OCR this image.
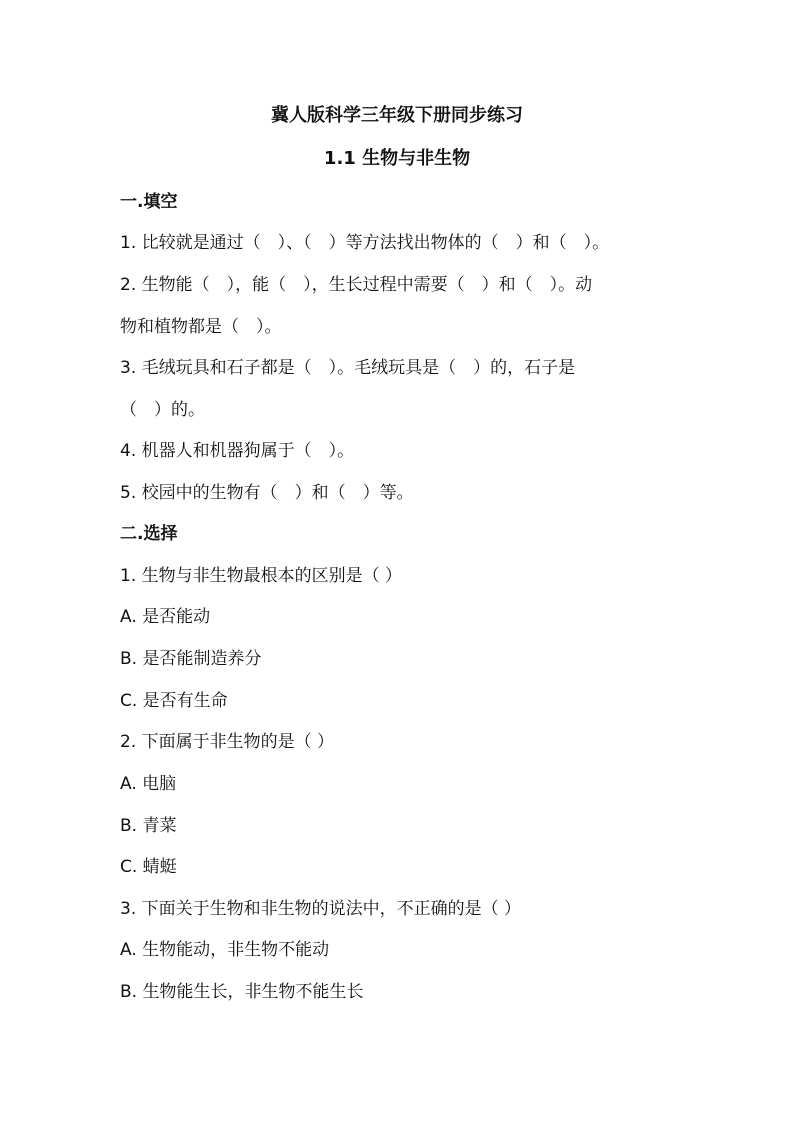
冀人版科学三年级下册同步练习
1.1 生物与非生物

一.填空

1. 比较就是通过（　）、（　）等方法找出物体的（　）和（　）。

2. 生物能（　），能（　），生长过程中需要（　）和（　）。动

物和植物都是（　）。

3. 毛绒玩具和石子都是（　）。毛绒玩具是（　）的，石子是

（　）的。

4. 机器人和机器狗属于（　）。

5. 校园中的生物有（　）和（　）等。

二.选择

1. 生物与非生物最根本的区别是（ ）

A. 是否能动

B. 是否能制造养分

C. 是否有生命

2. 下面属于非生物的是（ ）

A. 电脑

B. 青菜

C. 蜻蜓

3. 下面关于生物和非生物的说法中，不正确的是（ ）

A. 生物能动，非生物不能动

B. 生物能生长，非生物不能生长
